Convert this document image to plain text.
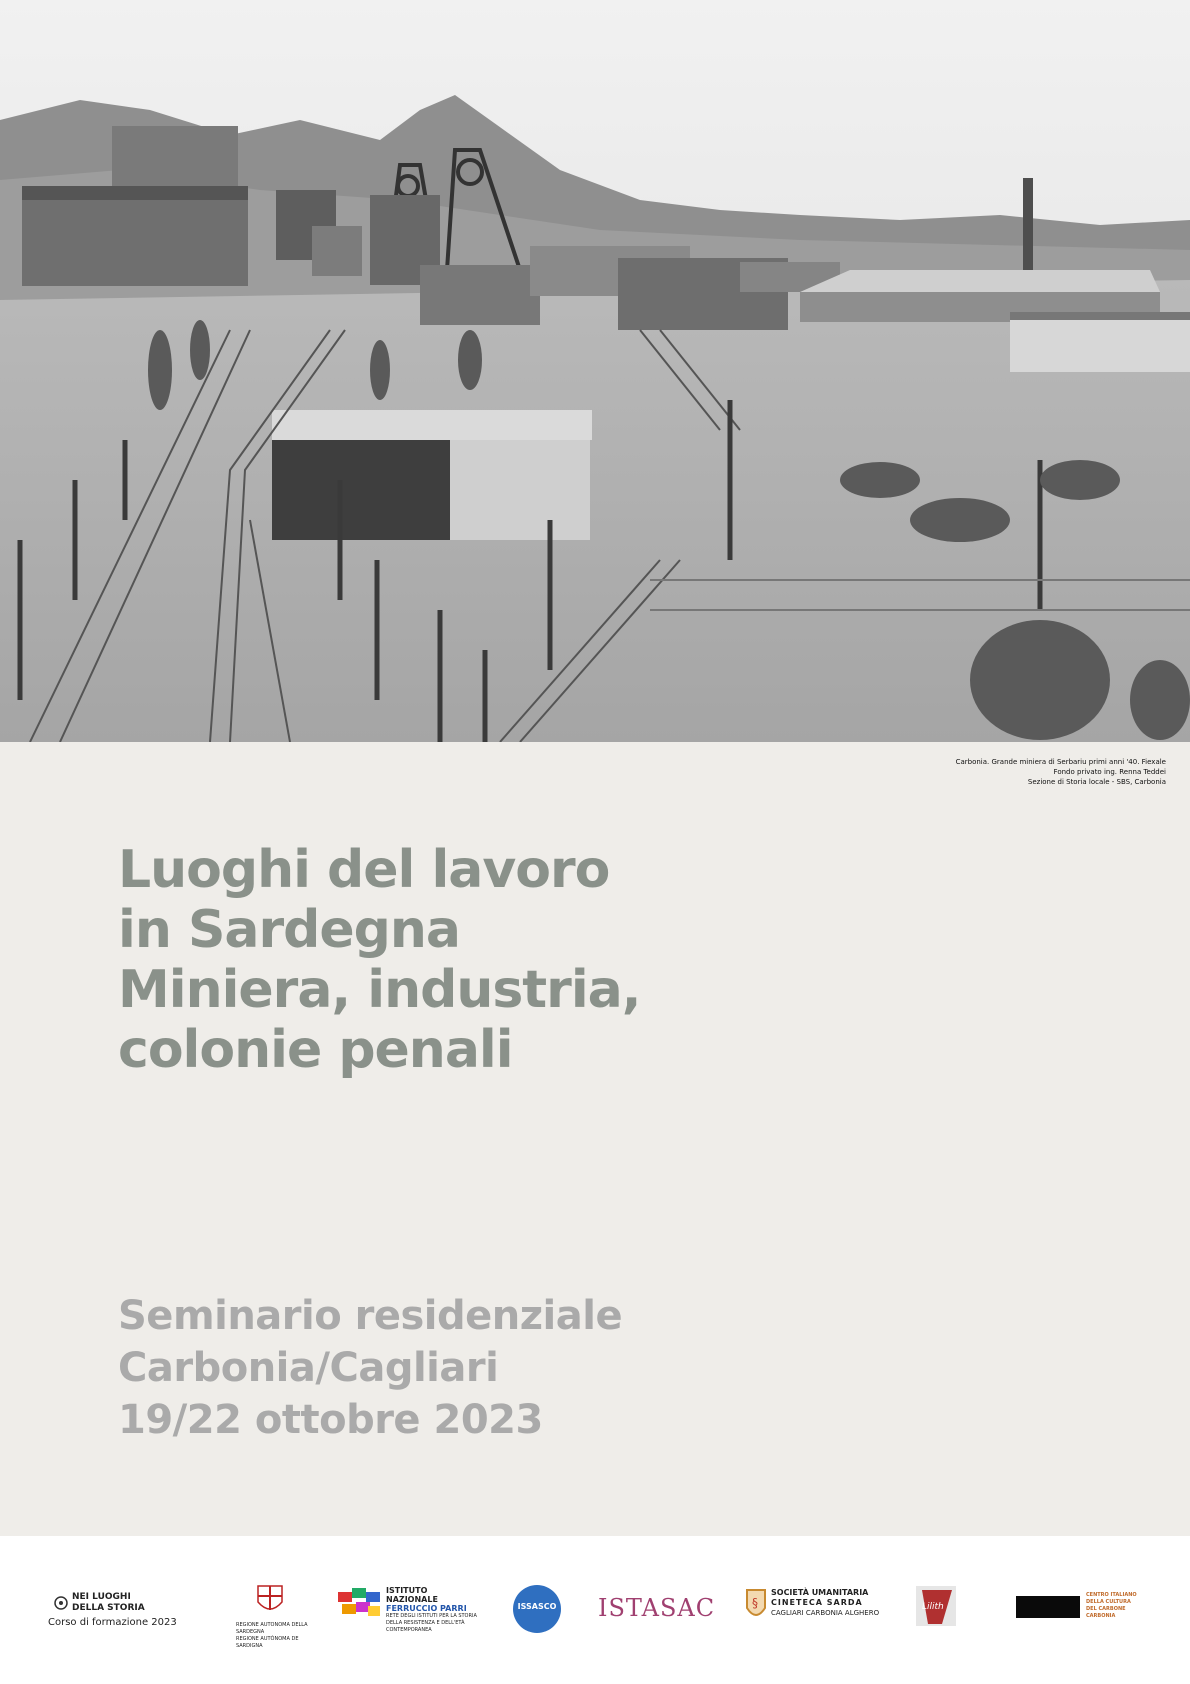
Carbonia. Grande miniera di Serbariu primi anni '40. Fiexale
Fondo privato ing. Renna Teddei
Sezione di Storia locale - SBS, Carbonia
Luoghi del lavoro
in Sardegna
Miniera, industria,
colonie penali
Seminario residenziale
Carbonia/Cagliari
19/22 ottobre 2023
NEI LUOGHI
DELLA STORIA
Corso di formazione 2023	REGIONE AUTONOMA DELLA SARDEGNA
REGIONE AUTÒNOMA DE SARDIGNA
ISTITUTO NAZIONALE
FERRUCCIO PARRI
RETE DEGLI ISTITUTI PER LA STORIA
DELLA RESISTENZA E DELL'ETÀ
CONTEMPORANEA
ISSASCO ISTASAC	§
SOCIETÀ UMANITARIA
CINETECA SARDA
CAGLIARI CARBONIA ALGHERO
Lilith
CENTRO ITALIANO
DELLA CULTURA
DEL CARBONE
CARBONIA
